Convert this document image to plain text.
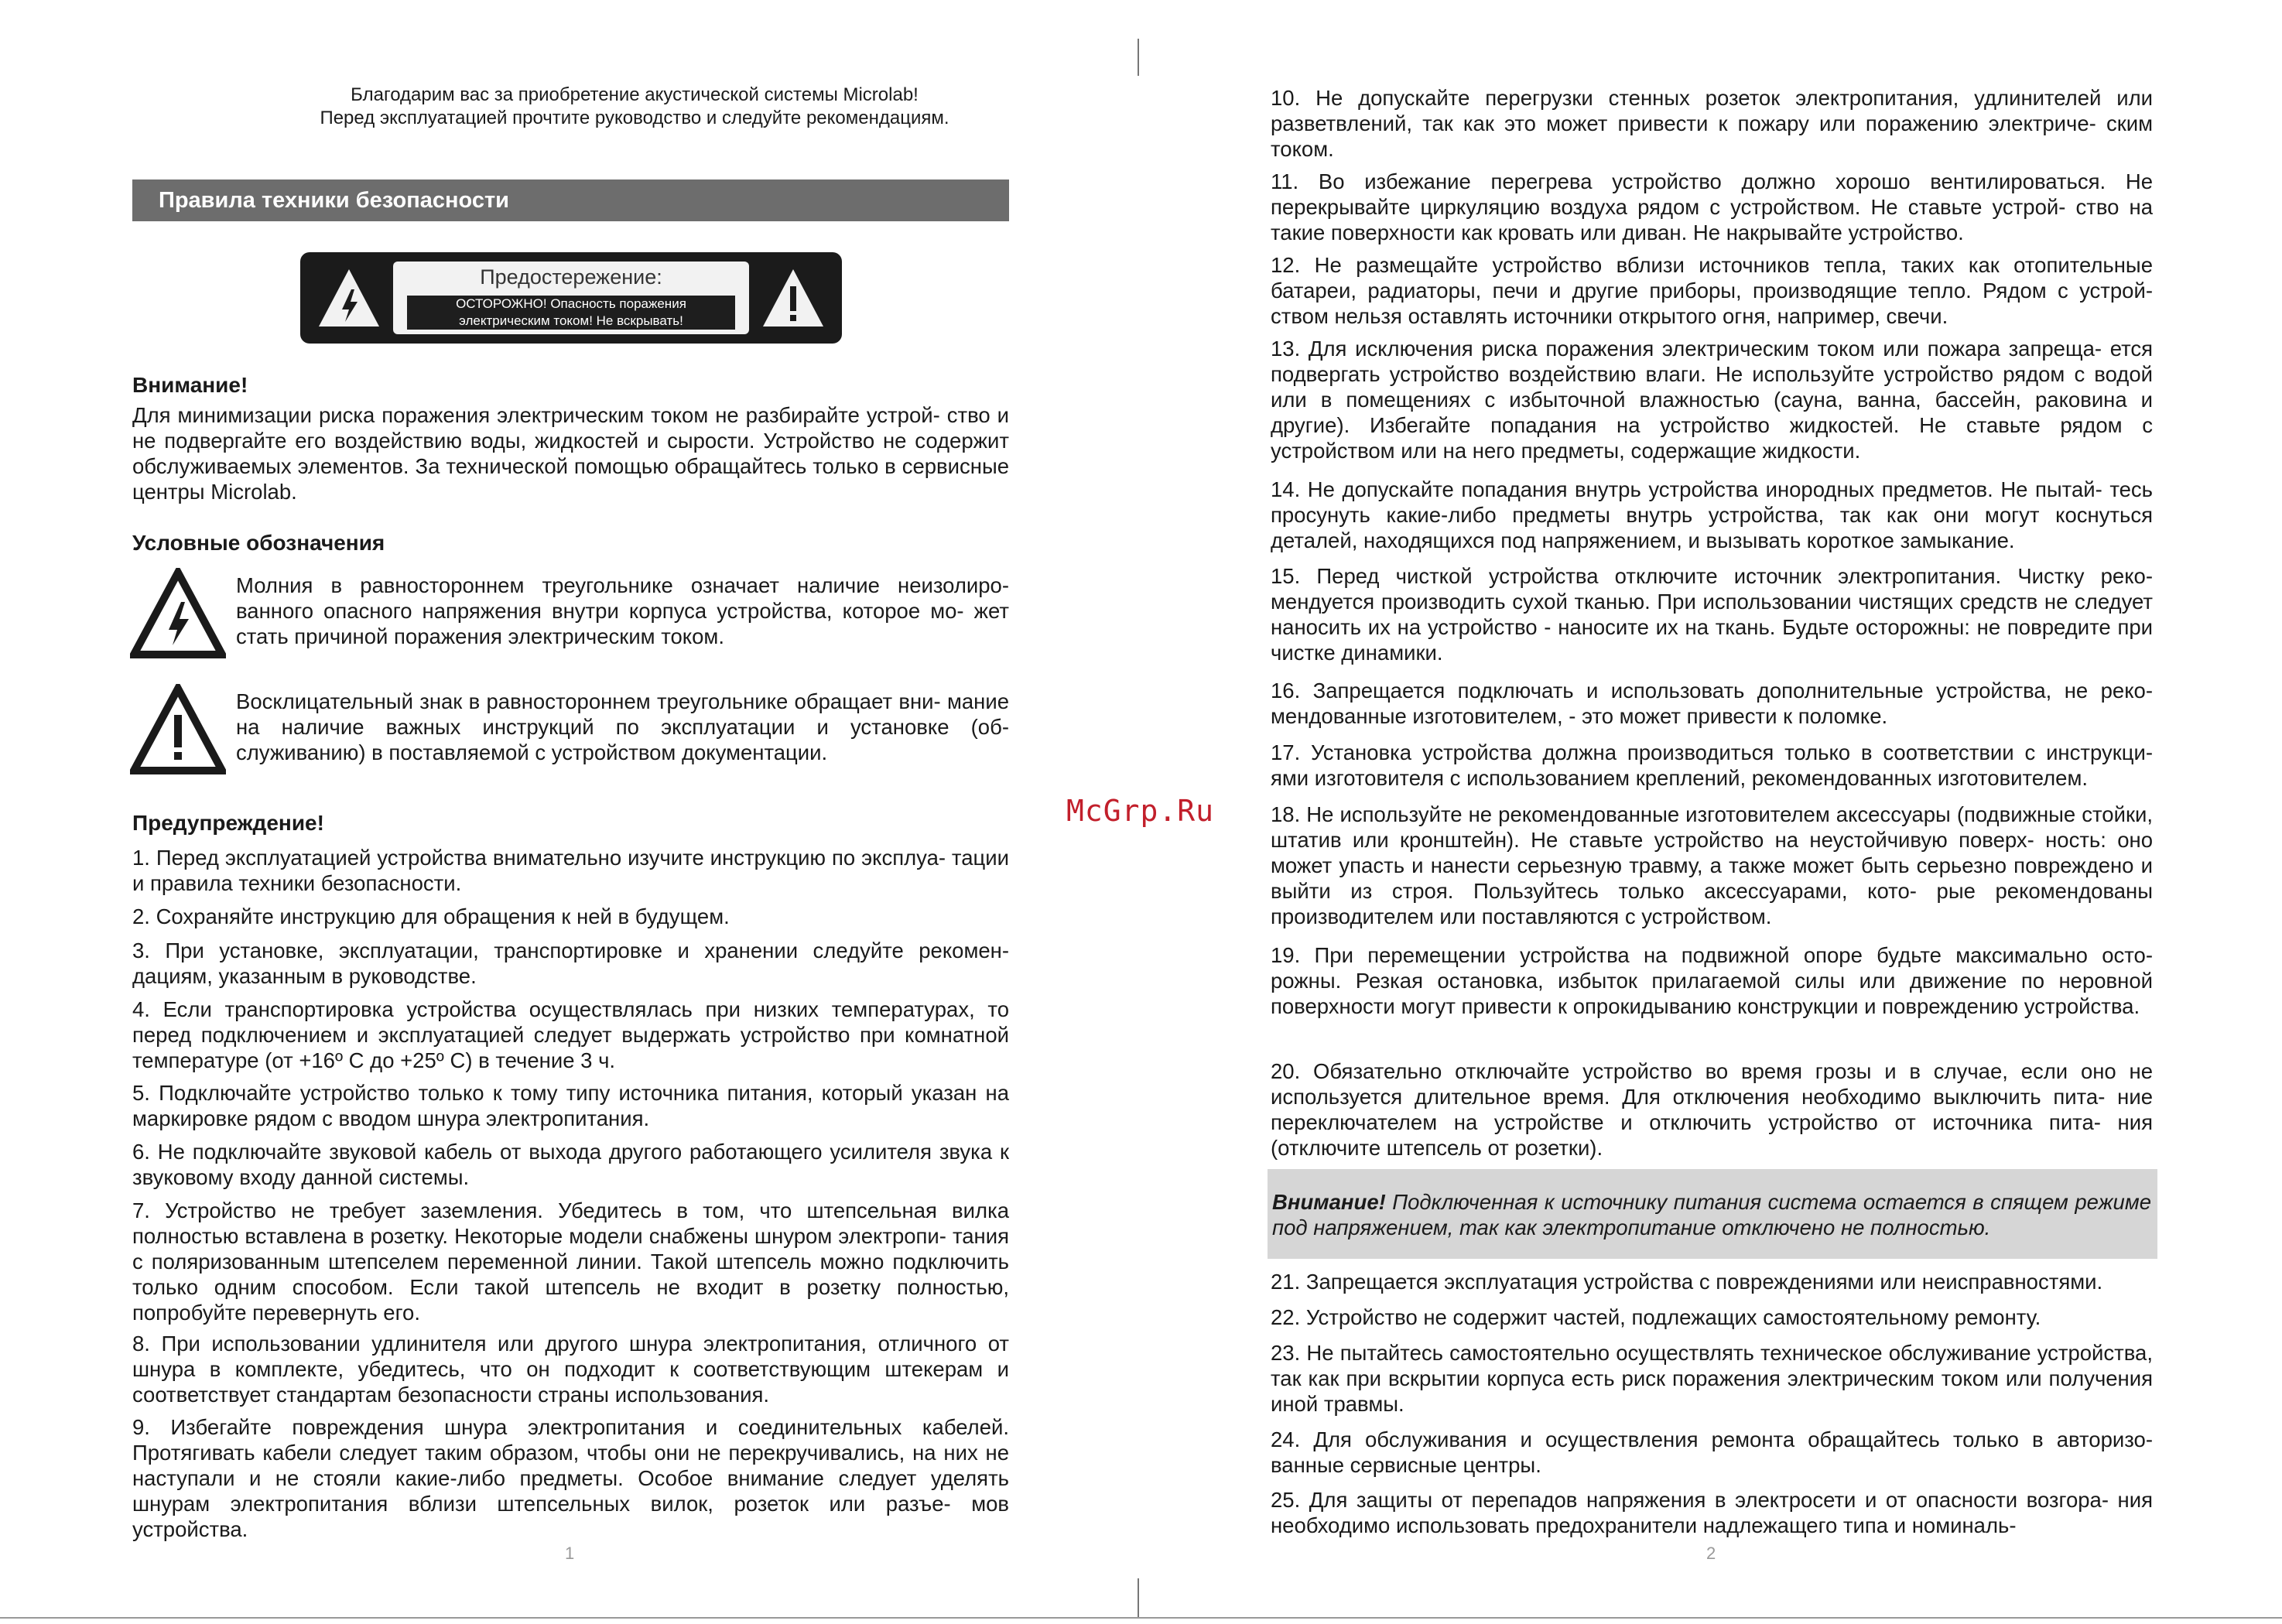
Благодарим вас за приобретение акустической системы Microlab!
Перед эксплуатацией прочтите руководство и следуйте рекомендациям.
Правила техники безопасности
Предостережение:
ОСТОРОЖНО! Опасность поражения
электрическим током! Не вскрывать!
Внимание!
Для минимизации риска поражения электрическим током не разбирайте устрой- ство и не подвергайте его воздействию воды, жидкостей и сырости. Устройство не содержит обслуживаемых элементов. За технической помощью обращайтесь только в сервисные центры Microlab.
Условные обозначения
Молния в равностороннем треугольнике означает наличие неизолиро- ванного опасного напряжения внутри корпуса устройства, которое мо- жет стать причиной поражения электрическим током.
Восклицательный знак в равностороннем треугольнике обращает вни- мание на наличие важных инструкций по эксплуатации и установке (об- служиванию) в поставляемой с устройством документации.
Предупреждение!
1. Перед эксплуатацией устройства внимательно изучите инструкцию по эксплуа- тации и правила техники безопасности.
2. Сохраняйте инструкцию для обращения к ней в будущем.
3. При установке, эксплуатации, транспортировке и хранении следуйте рекомен- дациям, указанным в руководстве.
4. Если транспортировка устройства осуществлялась при низких температурах, то перед подключением и эксплуатацией следует выдержать устройство при комнатной температуре (от +16º С до +25º С) в течение 3 ч.
5. Подключайте устройство только к тому типу источника питания, который указан на маркировке рядом с вводом шнура электропитания.
6. Не подключайте звуковой кабель от выхода другого работающего усилителя звука к звуковому входу данной системы.
7. Устройство не требует заземления. Убедитесь в том, что штепсельная вилка полностью вставлена в розетку. Некоторые модели снабжены шнуром электропи- тания с поляризованным штепселем переменной линии. Такой штепсель можно подключить только одним способом. Если такой штепсель не входит в розетку полностью, попробуйте перевернуть его.
8. При использовании удлинителя или другого шнура электропитания, отличного от шнура в комплекте, убедитесь, что он подходит к соответствующим штекерам и соответствует стандартам безопасности страны использования.
9. Избегайте повреждения шнура электропитания и соединительных кабелей. Протягивать кабели следует таким образом, чтобы они не перекручивались, на них не наступали и не стояли какие-либо предметы. Особое внимание следует уделять шнурам электропитания вблизи штепсельных вилок, розеток или разъе- мов устройства.
1
10. Не допускайте перегрузки стенных розеток электропитания, удлинителей или разветвлений, так как это может привести к пожару или поражению электриче- ским током.
11. Во избежание перегрева устройство должно хорошо вентилироваться. Не перекрывайте циркуляцию воздуха рядом с устройством. Не ставьте устрой- ство на такие поверхности как кровать или диван. Не накрывайте устройство.
12. Не размещайте устройство вблизи источников тепла, таких как отопительные батареи, радиаторы, печи и другие приборы, производящие тепло. Рядом с устрой- ством нельзя оставлять источники открытого огня, например, свечи.
13. Для исключения риска поражения электрическим током или пожара запреща- ется подвергать устройство воздействию влаги. Не используйте устройство рядом с водой или в помещениях с избыточной влажностью (сауна, ванна, бассейн, раковина и другие). Избегайте попадания на устройство жидкостей. Не ставьте рядом с устройством или на него предметы, содержащие жидкости.
14. Не допускайте попадания внутрь устройства инородных предметов. Не пытай- тесь просунуть какие-либо предметы внутрь устройства, так как они могут коснуться деталей, находящихся под напряжением, и вызывать короткое замыкание.
15. Перед чисткой устройства отключите источник электропитания. Чистку реко- мендуется производить сухой тканью. При использовании чистящих средств не следует наносить их на устройство - наносите их на ткань. Будьте осторожны: не повредите при чистке динамики.
16. Запрещается подключать и использовать дополнительные устройства, не реко- мендованные изготовителем, - это может привести к поломке.
17. Установка устройства должна производиться только в соответствии с инструкци- ями изготовителя с использованием креплений, рекомендованных изготовителем.
18. Не используйте не рекомендованные изготовителем аксессуары (подвижные стойки, штатив или кронштейн). Не ставьте устройство на неустойчивую поверх- ность: оно может упасть и нанести серьезную травму, а также может быть серьезно повреждено и выйти из строя. Пользуйтесь только аксессуарами, кото- рые рекомендованы производителем или поставляются с устройством.
19. При перемещении устройства на подвижной опоре будьте максимально осто- рожны. Резкая остановка, избыток прилагаемой силы или движение по неровной поверхности могут привести к опрокидыванию конструкции и повреждению устройства.
20. Обязательно отключайте устройство во время грозы и в случае, если оно не используется длительное время. Для отключения необходимо выключить пита- ние переключателем на устройстве и отключить устройство от источника пита- ния (отключите штепсель от розетки).
Внимание! Подключенная к источнику питания система остается в спящем режиме под напряжением, так как электропитание отключено не полностью.
21. Запрещается эксплуатация устройства с повреждениями или неисправностями.
22. Устройство не содержит частей, подлежащих самостоятельному ремонту.
23. Не пытайтесь самостоятельно осуществлять техническое обслуживание устройства, так как при вскрытии корпуса есть риск поражения электрическим током или получения иной травмы.
24. Для обслуживания и осуществления ремонта обращайтесь только в авторизо- ванные сервисные центры.
25. Для защиты от перепадов напряжения в электросети и от опасности возгора- ния необходимо использовать предохранители надлежащего типа и номиналь-
2
McGrp.Ru
